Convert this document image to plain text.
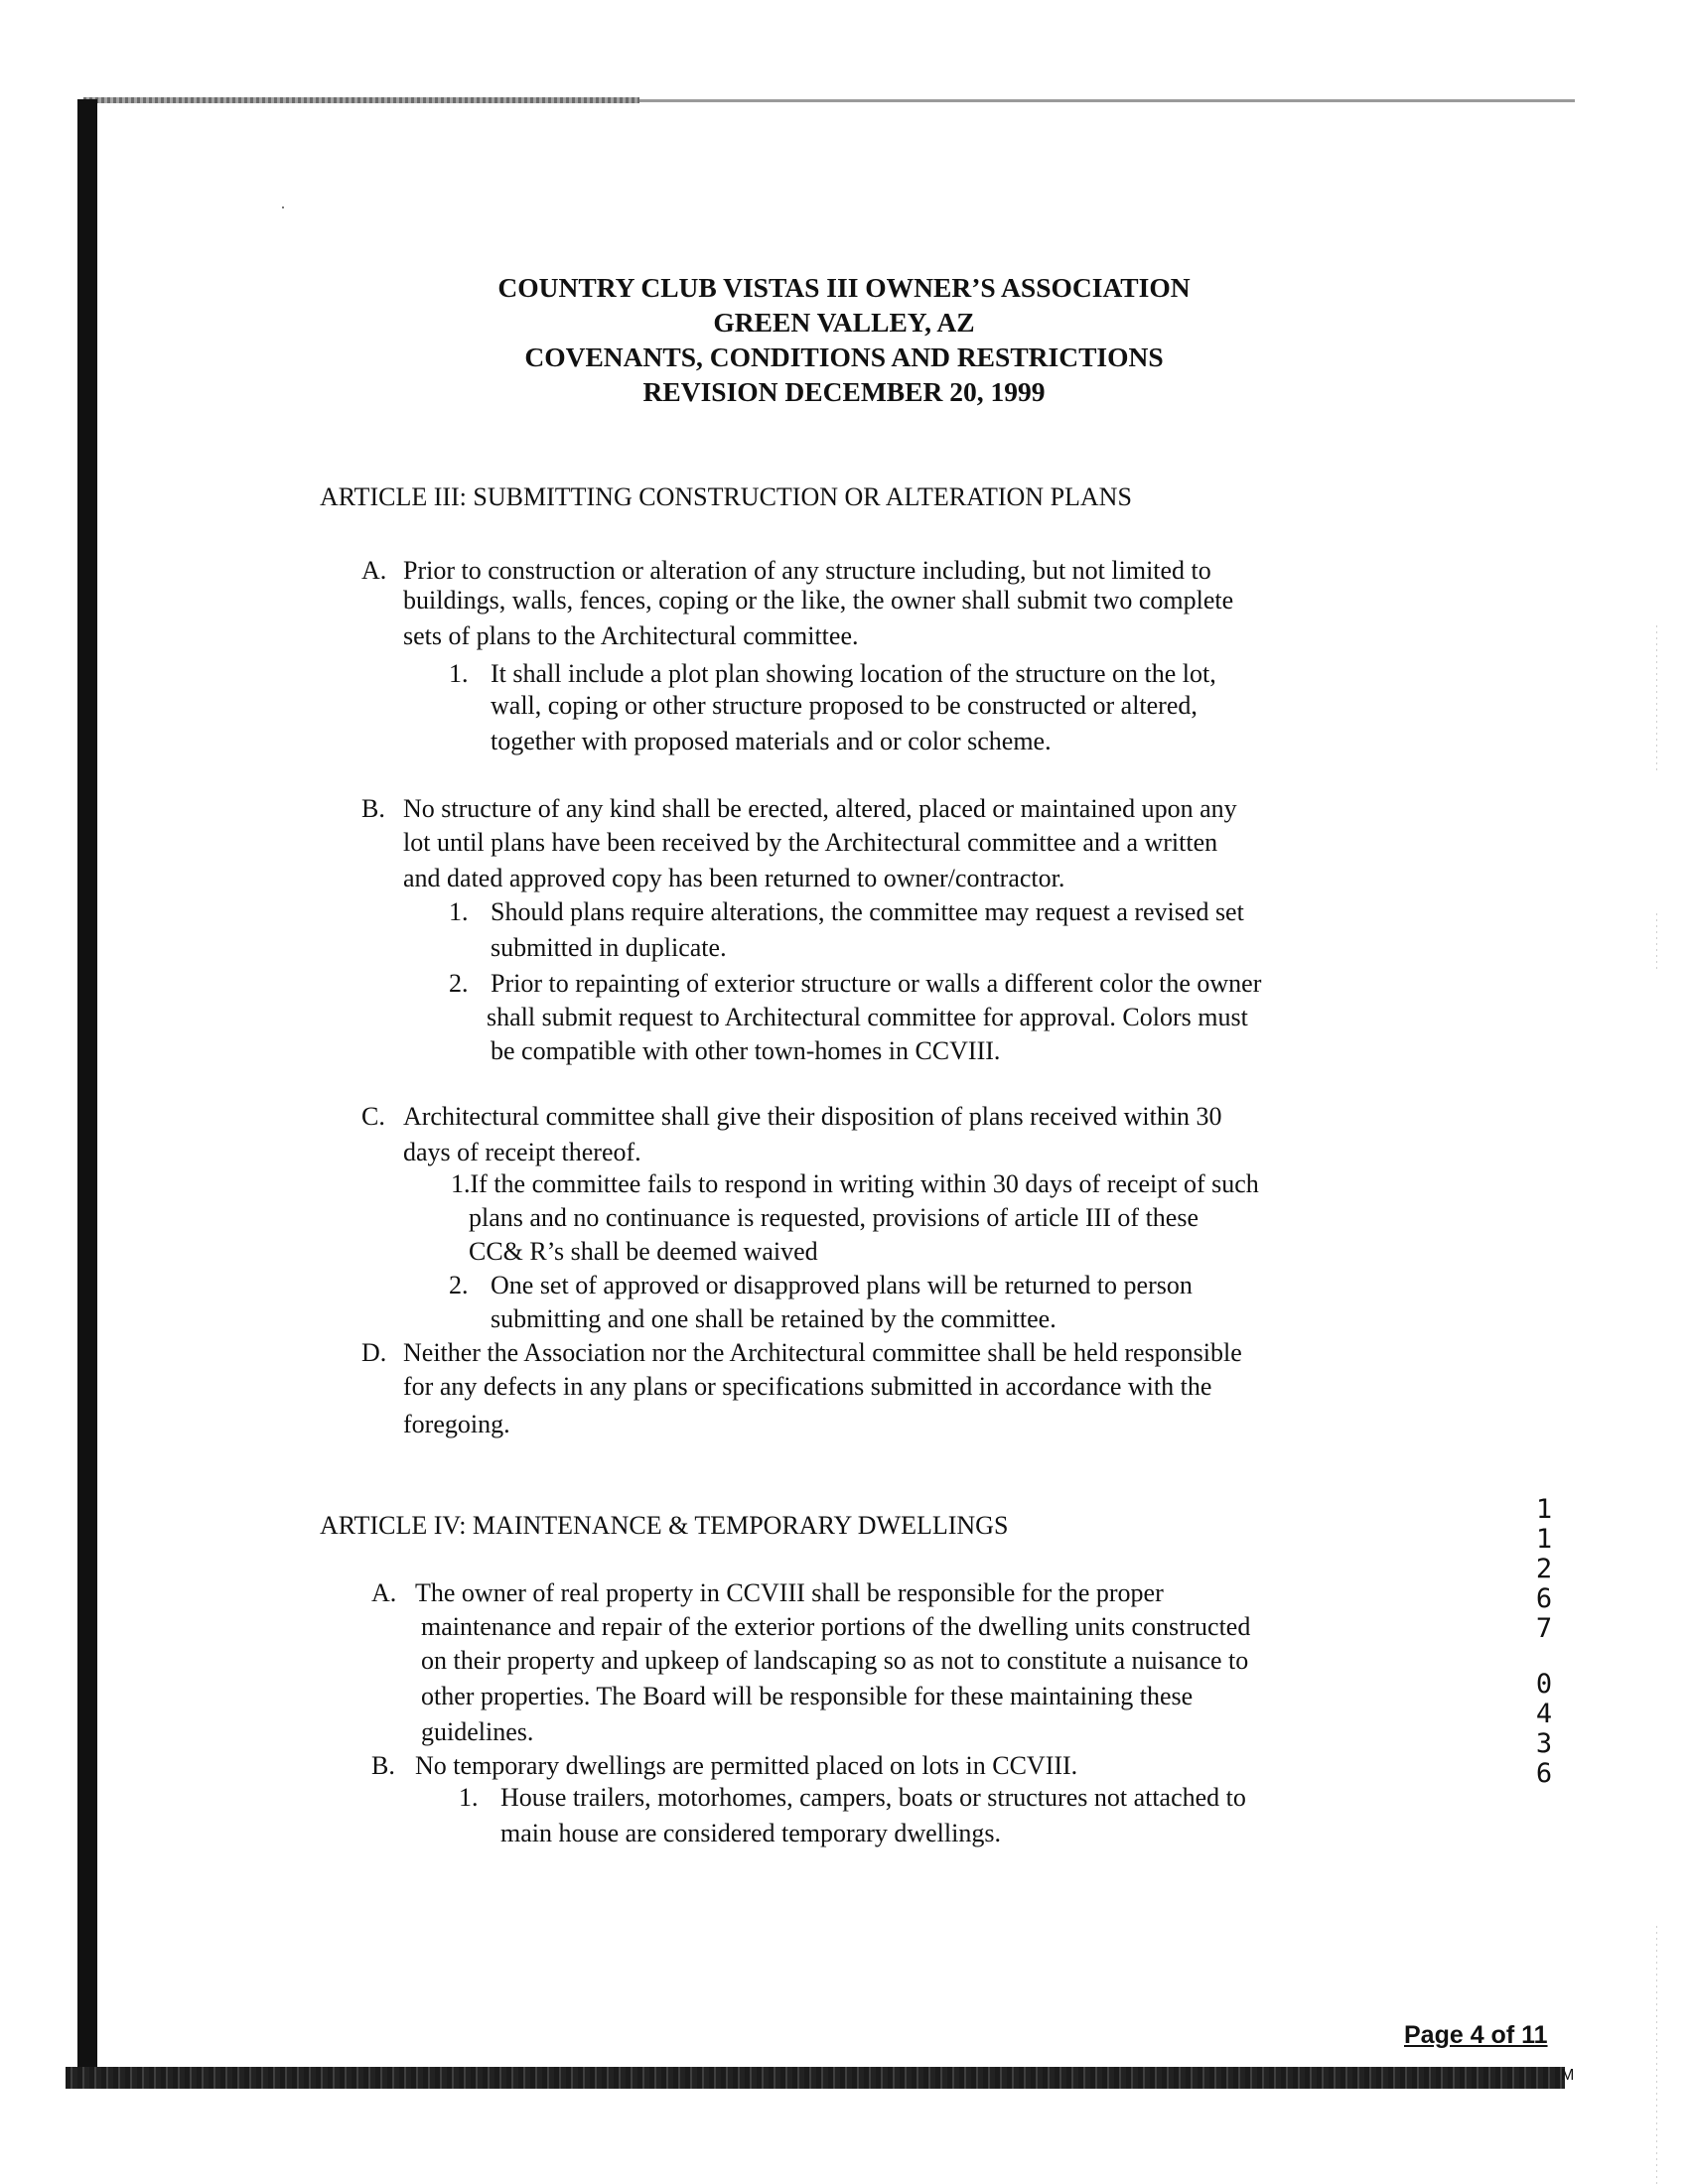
M
COUNTRY CLUB VISTAS III OWNER’S ASSOCIATION
GREEN VALLEY, AZ
COVENANTS, CONDITIONS AND RESTRICTIONS
REVISION DECEMBER 20, 1999
ARTICLE III: SUBMITTING CONSTRUCTION OR ALTERATION PLANS
A. Prior to construction or alteration of any structure including, but not limited to
buildings, walls, fences, coping or the like, the owner shall submit two complete
sets of plans to the Architectural committee.
1. It shall include a plot plan showing location of the structure on the lot,
wall, coping or other structure proposed to be constructed or altered,
together with proposed materials and or color scheme.
B. No structure of any kind shall be erected, altered, placed or maintained upon any
lot until plans have been received by the Architectural committee and a written
and dated approved copy has been returned to owner/contractor.
1. Should plans require alterations, the committee may request a revised set
submitted in duplicate.
2. Prior to repainting of exterior structure or walls a different color the owner
shall submit request to Architectural committee for approval. Colors must
be compatible with other town-homes in CCVIII.
C. Architectural committee shall give their disposition of plans received within 30
days of receipt thereof.
1.If the committee fails to respond in writing within 30 days of receipt of such
plans and no continuance is requested, provisions of article III of these
CC& R’s shall be deemed waived
2. One set of approved or disapproved plans will be returned to person
submitting and one shall be retained by the committee.
D. Neither the Association nor the Architectural committee shall be held responsible
for any defects in any plans or specifications submitted in accordance with the
foregoing.
ARTICLE IV: MAINTENANCE & TEMPORARY DWELLINGS
A. The owner of real property in CCVIII shall be responsible for the proper
maintenance and repair of the exterior portions of the dwelling units constructed
on their property and upkeep of landscaping so as not to constitute a nuisance to
other properties. The Board will be responsible for these maintaining these
guidelines.
B. No temporary dwellings are permitted placed on lots in CCVIII.
1. House trailers, motorhomes, campers, boats or structures not attached to
main house are considered temporary dwellings.
1
1
2
6
7
0
4
3
6
Page 4 of 11
